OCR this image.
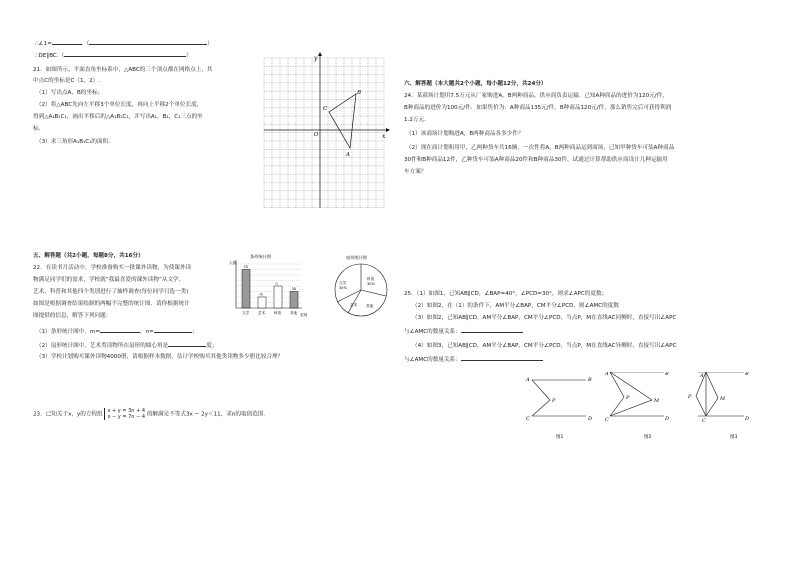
∴∠1=	.（	）
∴DE∥BC.（	）
21．如图所示，平面直角坐标系中，△ABC的三个顶点都在网格点上，其
中点C的坐标是C（1，2）.
（1）写出点A，B的坐标；
（2）将△ABC先向左平移3个单位长度，再向上平移2个单位长度，
得到△A₁B₁C₁，画出平移后的△A₁B₁C₁，并写出A₁，B₁，C₁三点的坐
标．
（3）求三角形A₁B₁C₁的面积．
y
x
O
C
B
A
五、解答题（共2小题，每题8分，共16分）
22．在读书月活动中，学校准备购买一批课外读物，为使课外读
物满足同学们的需求，学校就“我最喜爱的课外读物”从文学、
艺术、科普和其他四个类别进行了抽样调查(每位同学只选一类)
如图是根据调查结果绘制的两幅不完整的统计图．请你根据统计
图提供的信息，解答下列问题：
（1）条形统计图中，m=	，n=	；
（2）扇形统计图中，艺术类读物所在扇形的圆心角是	度；
（3）学校计划购买课外读物4000册，请根据样本数据，估计学校购买其他类读物多少册比较合理？
条形统计图
人数
类别
70
文学
m
艺术
n
科普
30
其他
扇形统计图
文学
35%
科普
30%
艺术 其他
23．已知关于x，y的方程组
x + y = 3n + 4
x − y = 7n − 4 的解满足不等式3x − 2y＜11，求n的取值范围．
六、解答题（本大题共2个小题，每小题12分，共24分）
24．某商场计划用7.5万元从厂家购进A，B两种商品，供应商负责运输．已知A种商品的进价为120元/件，
B种商品的进价为100元/件．如果售价为：A种商品135元/件，B种商品120元/件，那么销售完后可获得利润
1.2万元．
（1）该商场计划购进A，B两种商品各多少件？
（2）现在商计划租用甲，乙两种货车共16辆，一次性将A，B两种商品运到商场，已知甲种货车可装A种商品
30件和B种商品12件，乙种货车可装A种商品20件和B种商品30件，试通过计算帮助供应商设计几种运输用
车方案？
25．（1）如图1，已知AB∥CD，∠BAP=40°，∠PCD=30°，则求∠APC的度数；
（2）如图2，在（1）的条件下，AM平分∠BAP，CM平分∠PCD，则∠AMC的度数
（3）如图2，已知AB∥CD，AM平分∠BAP，CM平分∠PCD，当点P，M在直线AC同侧时，直接写出∠APC
与∠AMC的数量关系：
（4）如图3，已知AB∥CD，AM平分∠BAP，CM平分∠PCD，当点P，M在直线AC异侧时，直接写出∠APC
与∠AMC的数量关系：
A	B
P
C	D
图1
A	B
P	M
C	D
图2
A	B
P	M
C	D
图3
